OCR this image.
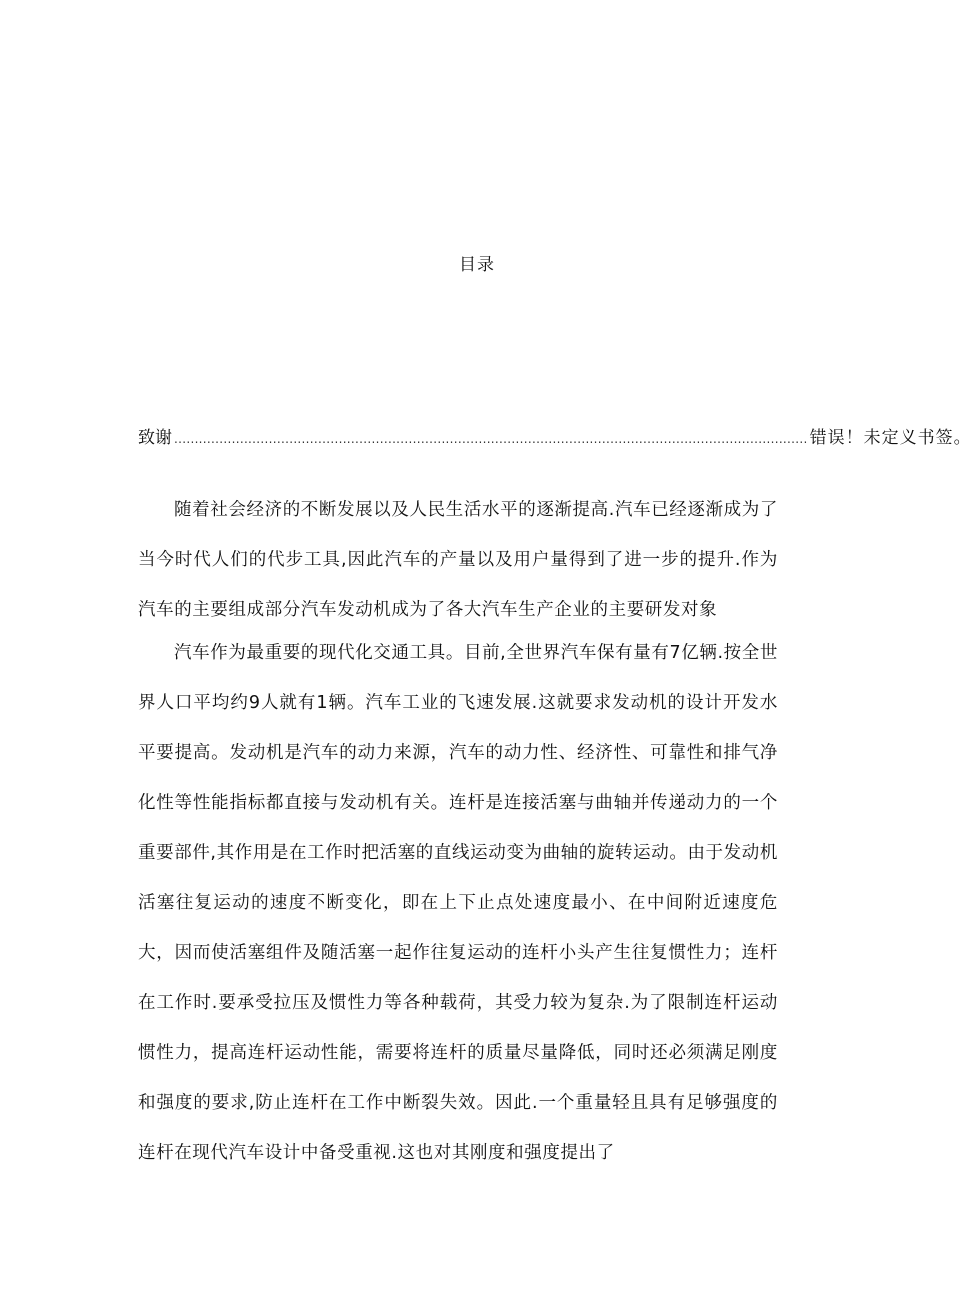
目录
致谢 .......................................................................................................................................................... 错误！未定义书签。

随着社会经济的不断发展以及人民生活水平的逐渐提高.汽车已经逐渐成为了当今时代人们的代步工具,因此汽车的产量以及用户量得到了进一步的提升.作为汽车的主要组成部分汽车发动机成为了各大汽车生产企业的主要研发对象

汽车作为最重要的现代化交通工具。目前,全世界汽车保有量有7亿辆.按全世界人口平均约9人就有1辆。汽车工业的飞速发展.这就要求发动机的设计开发水平要提高。发动机是汽车的动力来源，汽车的动力性、经济性、可靠性和排气净化性等性能指标都直接与发动机有关。连杆是连接活塞与曲轴并传递动力的一个重要部件,其作用是在工作时把活塞的直线运动变为曲轴的旋转运动。由于发动机活塞往复运动的速度不断变化，即在上下止点处速度最小、在中间附近速度危大，因而使活塞组件及随活塞一起作往复运动的连杆小头产生往复惯性力；连杆在工作时.要承受拉压及惯性力等各种载荷，其受力较为复杂.为了限制连杆运动惯性力，提高连杆运动性能，需要将连杆的质量尽量降低，同时还必须满足刚度和强度的要求,防止连杆在工作中断裂失效。因此.一个重量轻且具有足够强度的连杆在现代汽车设计中备受重视.这也对其刚度和强度提出了
